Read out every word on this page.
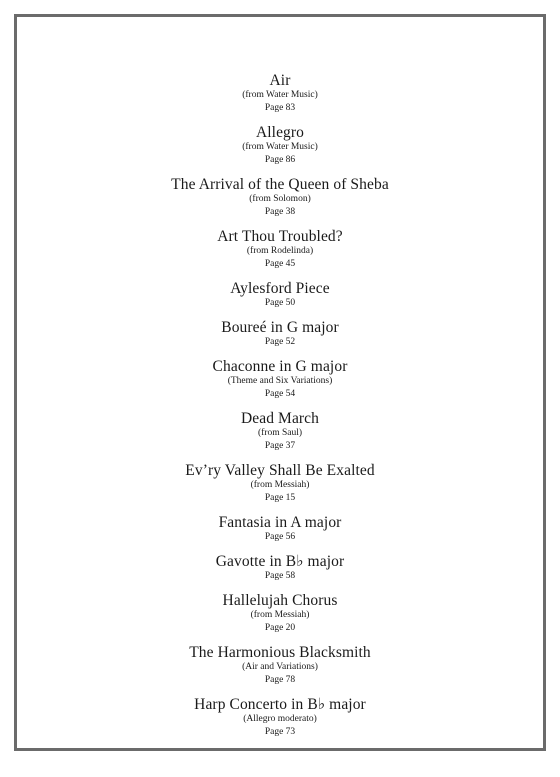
Air
(from Water Music)
Page 83
Allegro
(from Water Music)
Page 86
The Arrival of the Queen of Sheba
(from Solomon)
Page 38
Art Thou Troubled?
(from Rodelinda)
Page 45
Aylesford Piece
Page 50
Boureé in G major
Page 52
Chaconne in G major
(Theme and Six Variations)
Page 54
Dead March
(from Saul)
Page 37
Ev’ry Valley Shall Be Exalted
(from Messiah)
Page 15
Fantasia in A major
Page 56
Gavotte in B♭ major
Page 58
Hallelujah Chorus
(from Messiah)
Page 20
The Harmonious Blacksmith
(Air and Variations)
Page 78
Harp Concerto in B♭ major
(Allegro moderato)
Page 73
